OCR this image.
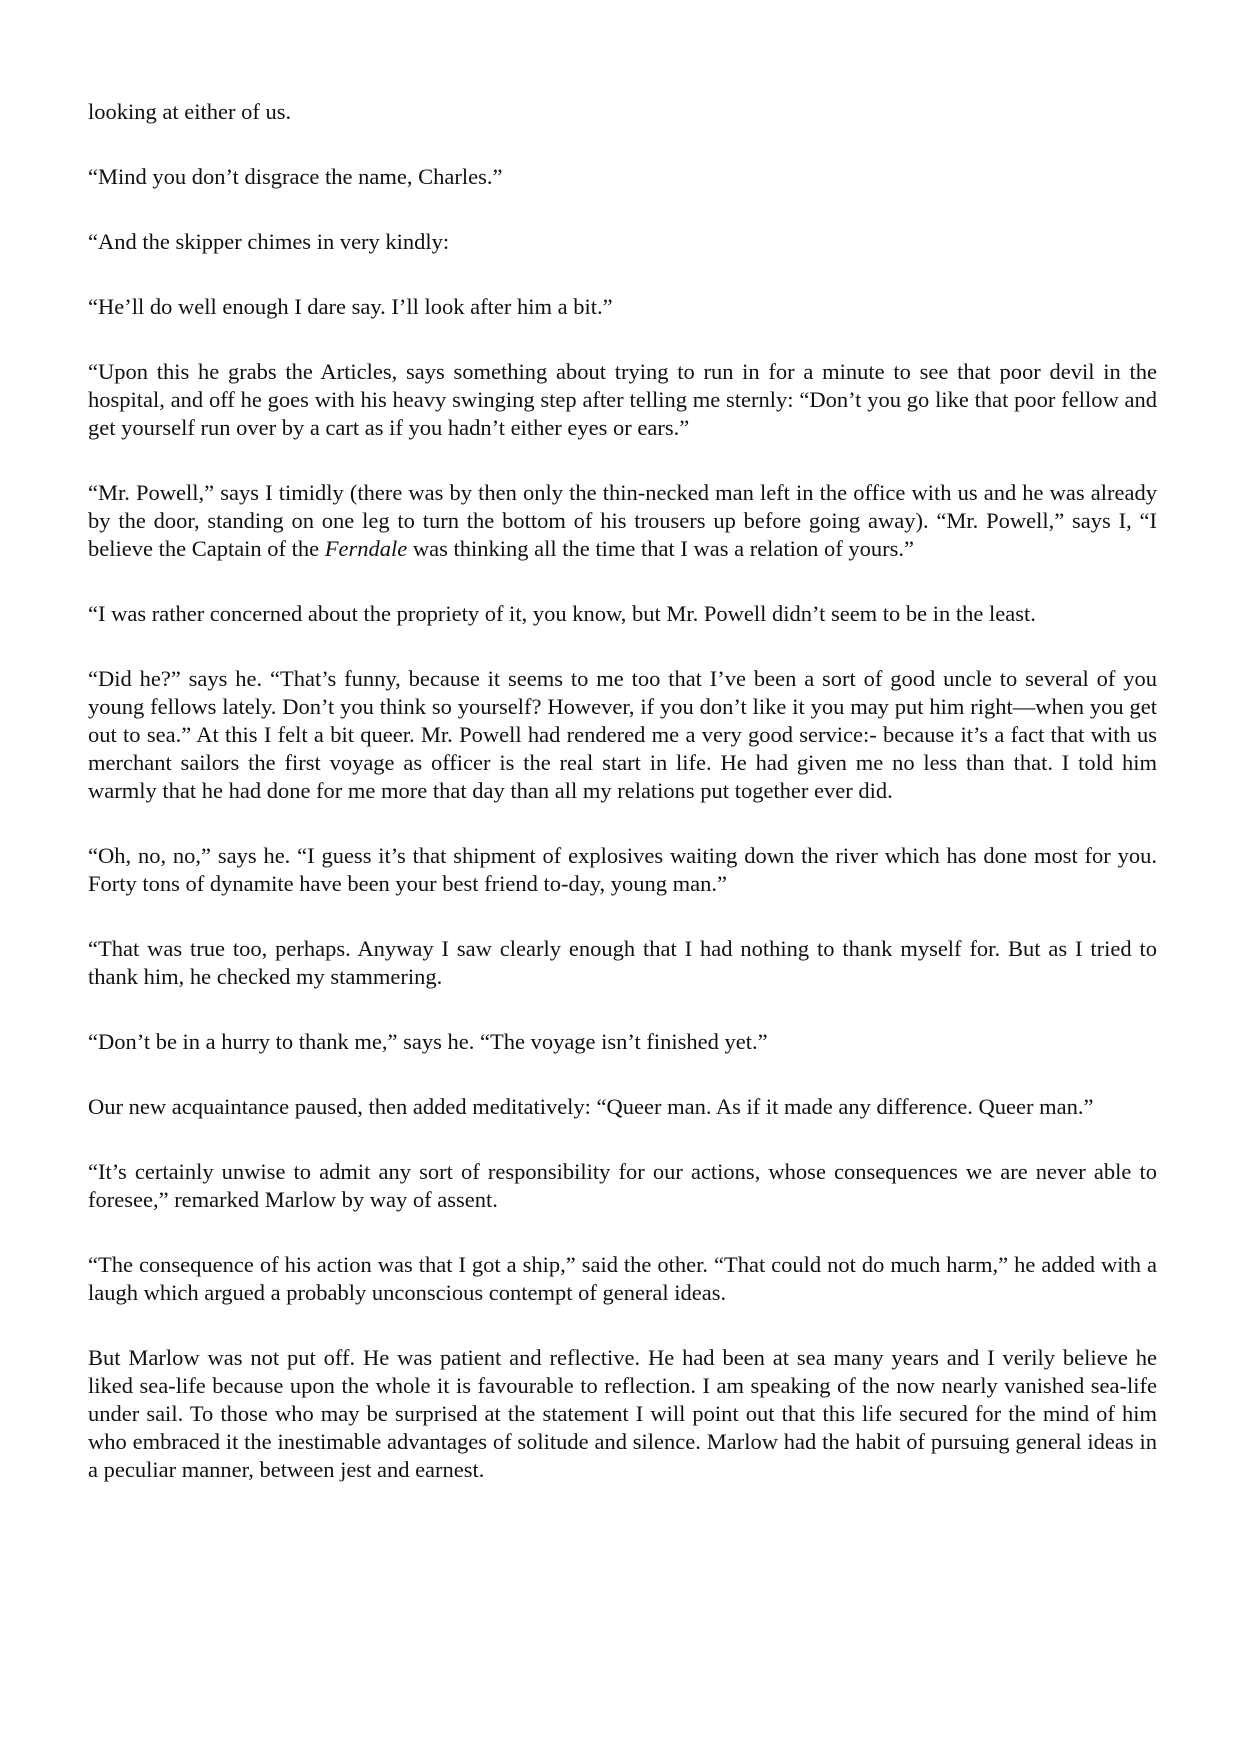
looking at either of us.

“Mind you don’t disgrace the name, Charles.”

“And the skipper chimes in very kindly:

“He’ll do well enough I dare say. I’ll look after him a bit.”

“Upon this he grabs the Articles, says something about trying to run in for a minute to see that poor devil in the hospital, and off he goes with his heavy swinging step after telling me sternly: “Don’t you go like that poor fellow and get yourself run over by a cart as if you hadn’t either eyes or ears.”

“Mr. Powell,” says I timidly (there was by then only the thin-necked man left in the office with us and he was already by the door, standing on one leg to turn the bottom of his trousers up before going away). “Mr. Powell,” says I, “I believe the Captain of the Ferndale was thinking all the time that I was a relation of yours.”

“I was rather concerned about the propriety of it, you know, but Mr. Powell didn’t seem to be in the least.

“Did he?” says he. “That’s funny, because it seems to me too that I’ve been a sort of good uncle to several of you young fellows lately. Don’t you think so yourself? However, if you don’t like it you may put him right—when you get out to sea.” At this I felt a bit queer. Mr. Powell had rendered me a very good service:- because it’s a fact that with us merchant sailors the first voyage as officer is the real start in life. He had given me no less than that. I told him warmly that he had done for me more that day than all my relations put together ever did.

“Oh, no, no,” says he. “I guess it’s that shipment of explosives waiting down the river which has done most for you. Forty tons of dynamite have been your best friend to-day, young man.”

“That was true too, perhaps. Anyway I saw clearly enough that I had nothing to thank myself for. But as I tried to thank him, he checked my stammering.

“Don’t be in a hurry to thank me,” says he. “The voyage isn’t finished yet.”

Our new acquaintance paused, then added meditatively: “Queer man. As if it made any difference. Queer man.”

“It’s certainly unwise to admit any sort of responsibility for our actions, whose consequences we are never able to foresee,” remarked Marlow by way of assent.

“The consequence of his action was that I got a ship,” said the other. “That could not do much harm,” he added with a laugh which argued a probably unconscious contempt of general ideas.

But Marlow was not put off. He was patient and reflective. He had been at sea many years and I verily believe he liked sea-life because upon the whole it is favourable to reflection. I am speaking of the now nearly vanished sea-life under sail. To those who may be surprised at the statement I will point out that this life secured for the mind of him who embraced it the inestimable advantages of solitude and silence. Marlow had the habit of pursuing general ideas in a peculiar manner, between jest and earnest.
